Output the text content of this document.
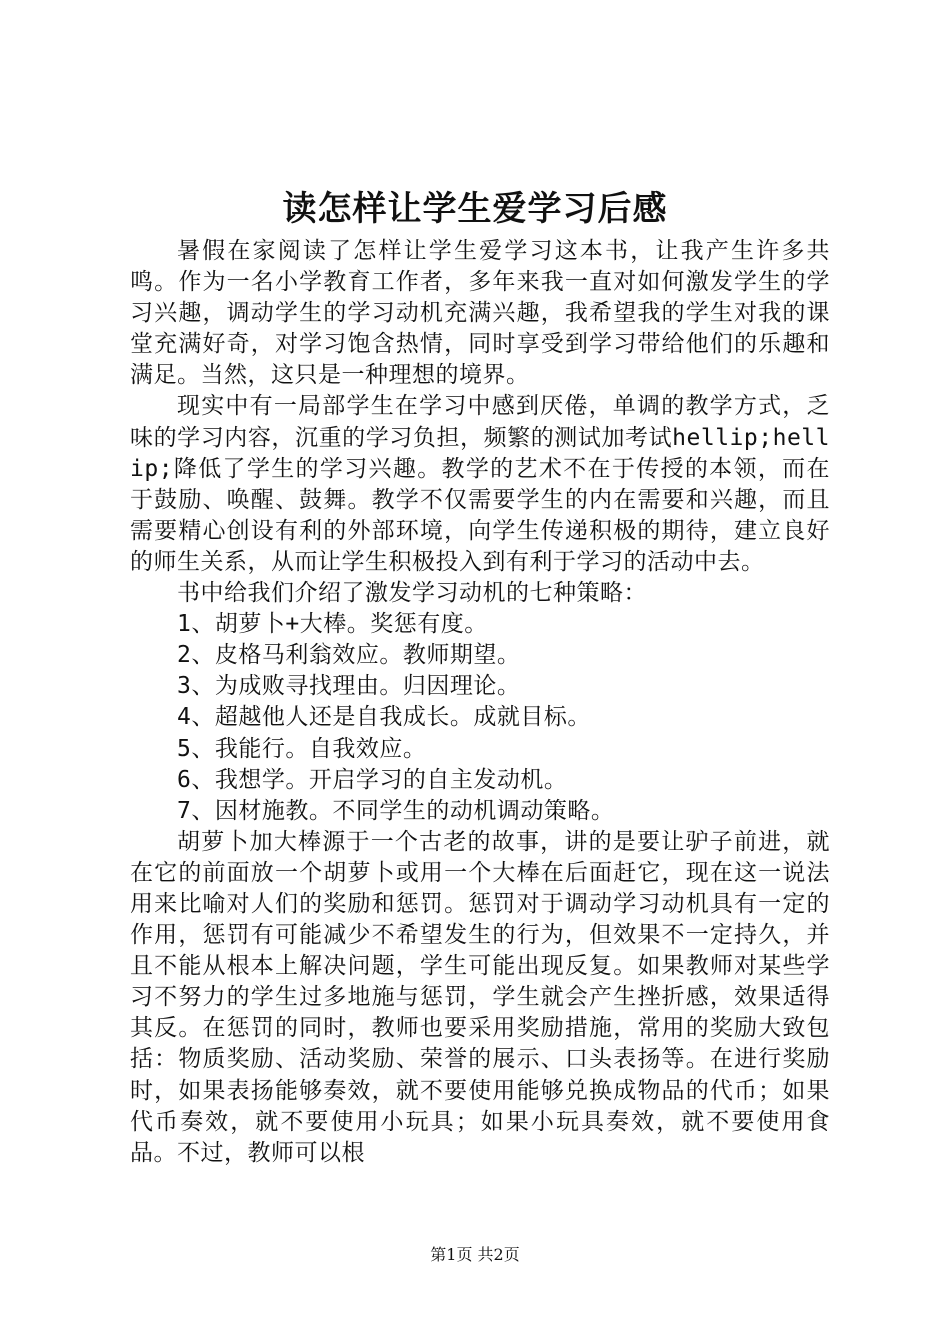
读怎样让学生爱学习后感

暑假在家阅读了怎样让学生爱学习这本书，让我产生许多共鸣。作为一名小学教育工作者，多年来我一直对如何激发学生的学习兴趣，调动学生的学习动机充满兴趣，我希望我的学生对我的课堂充满好奇，对学习饱含热情，同时享受到学习带给他们的乐趣和满足。当然，这只是一种理想的境界。

现实中有一局部学生在学习中感到厌倦，单调的教学方式，乏味的学习内容，沉重的学习负担，频繁的测试加考试hellip;hellip;降低了学生的学习兴趣。教学的艺术不在于传授的本领，而在于鼓励、唤醒、鼓舞。教学不仅需要学生的内在需要和兴趣，而且需要精心创设有利的外部环境，向学生传递积极的期待，建立良好的师生关系，从而让学生积极投入到有利于学习的活动中去。

书中给我们介绍了激发学习动机的七种策略：

1、胡萝卜+大棒。奖惩有度。

2、皮格马利翁效应。教师期望。

3、为成败寻找理由。归因理论。

4、超越他人还是自我成长。成就目标。

5、我能行。自我效应。

6、我想学。开启学习的自主发动机。

7、因材施教。不同学生的动机调动策略。

胡萝卜加大棒源于一个古老的故事，讲的是要让驴子前进，就在它的前面放一个胡萝卜或用一个大棒在后面赶它，现在这一说法用来比喻对人们的奖励和惩罚。惩罚对于调动学习动机具有一定的作用，惩罚有可能减少不希望发生的行为，但效果不一定持久，并且不能从根本上解决问题，学生可能出现反复。如果教师对某些学习不努力的学生过多地施与惩罚，学生就会产生挫折感，效果适得其反。在惩罚的同时，教师也要采用奖励措施，常用的奖励大致包括：物质奖励、活动奖励、荣誉的展示、口头表扬等。在进行奖励时，如果表扬能够奏效，就不要使用能够兑换成物品的代币；如果代币奏效，就不要使用小玩具；如果小玩具奏效，就不要使用食品。不过，教师可以根

第1页 共2页
